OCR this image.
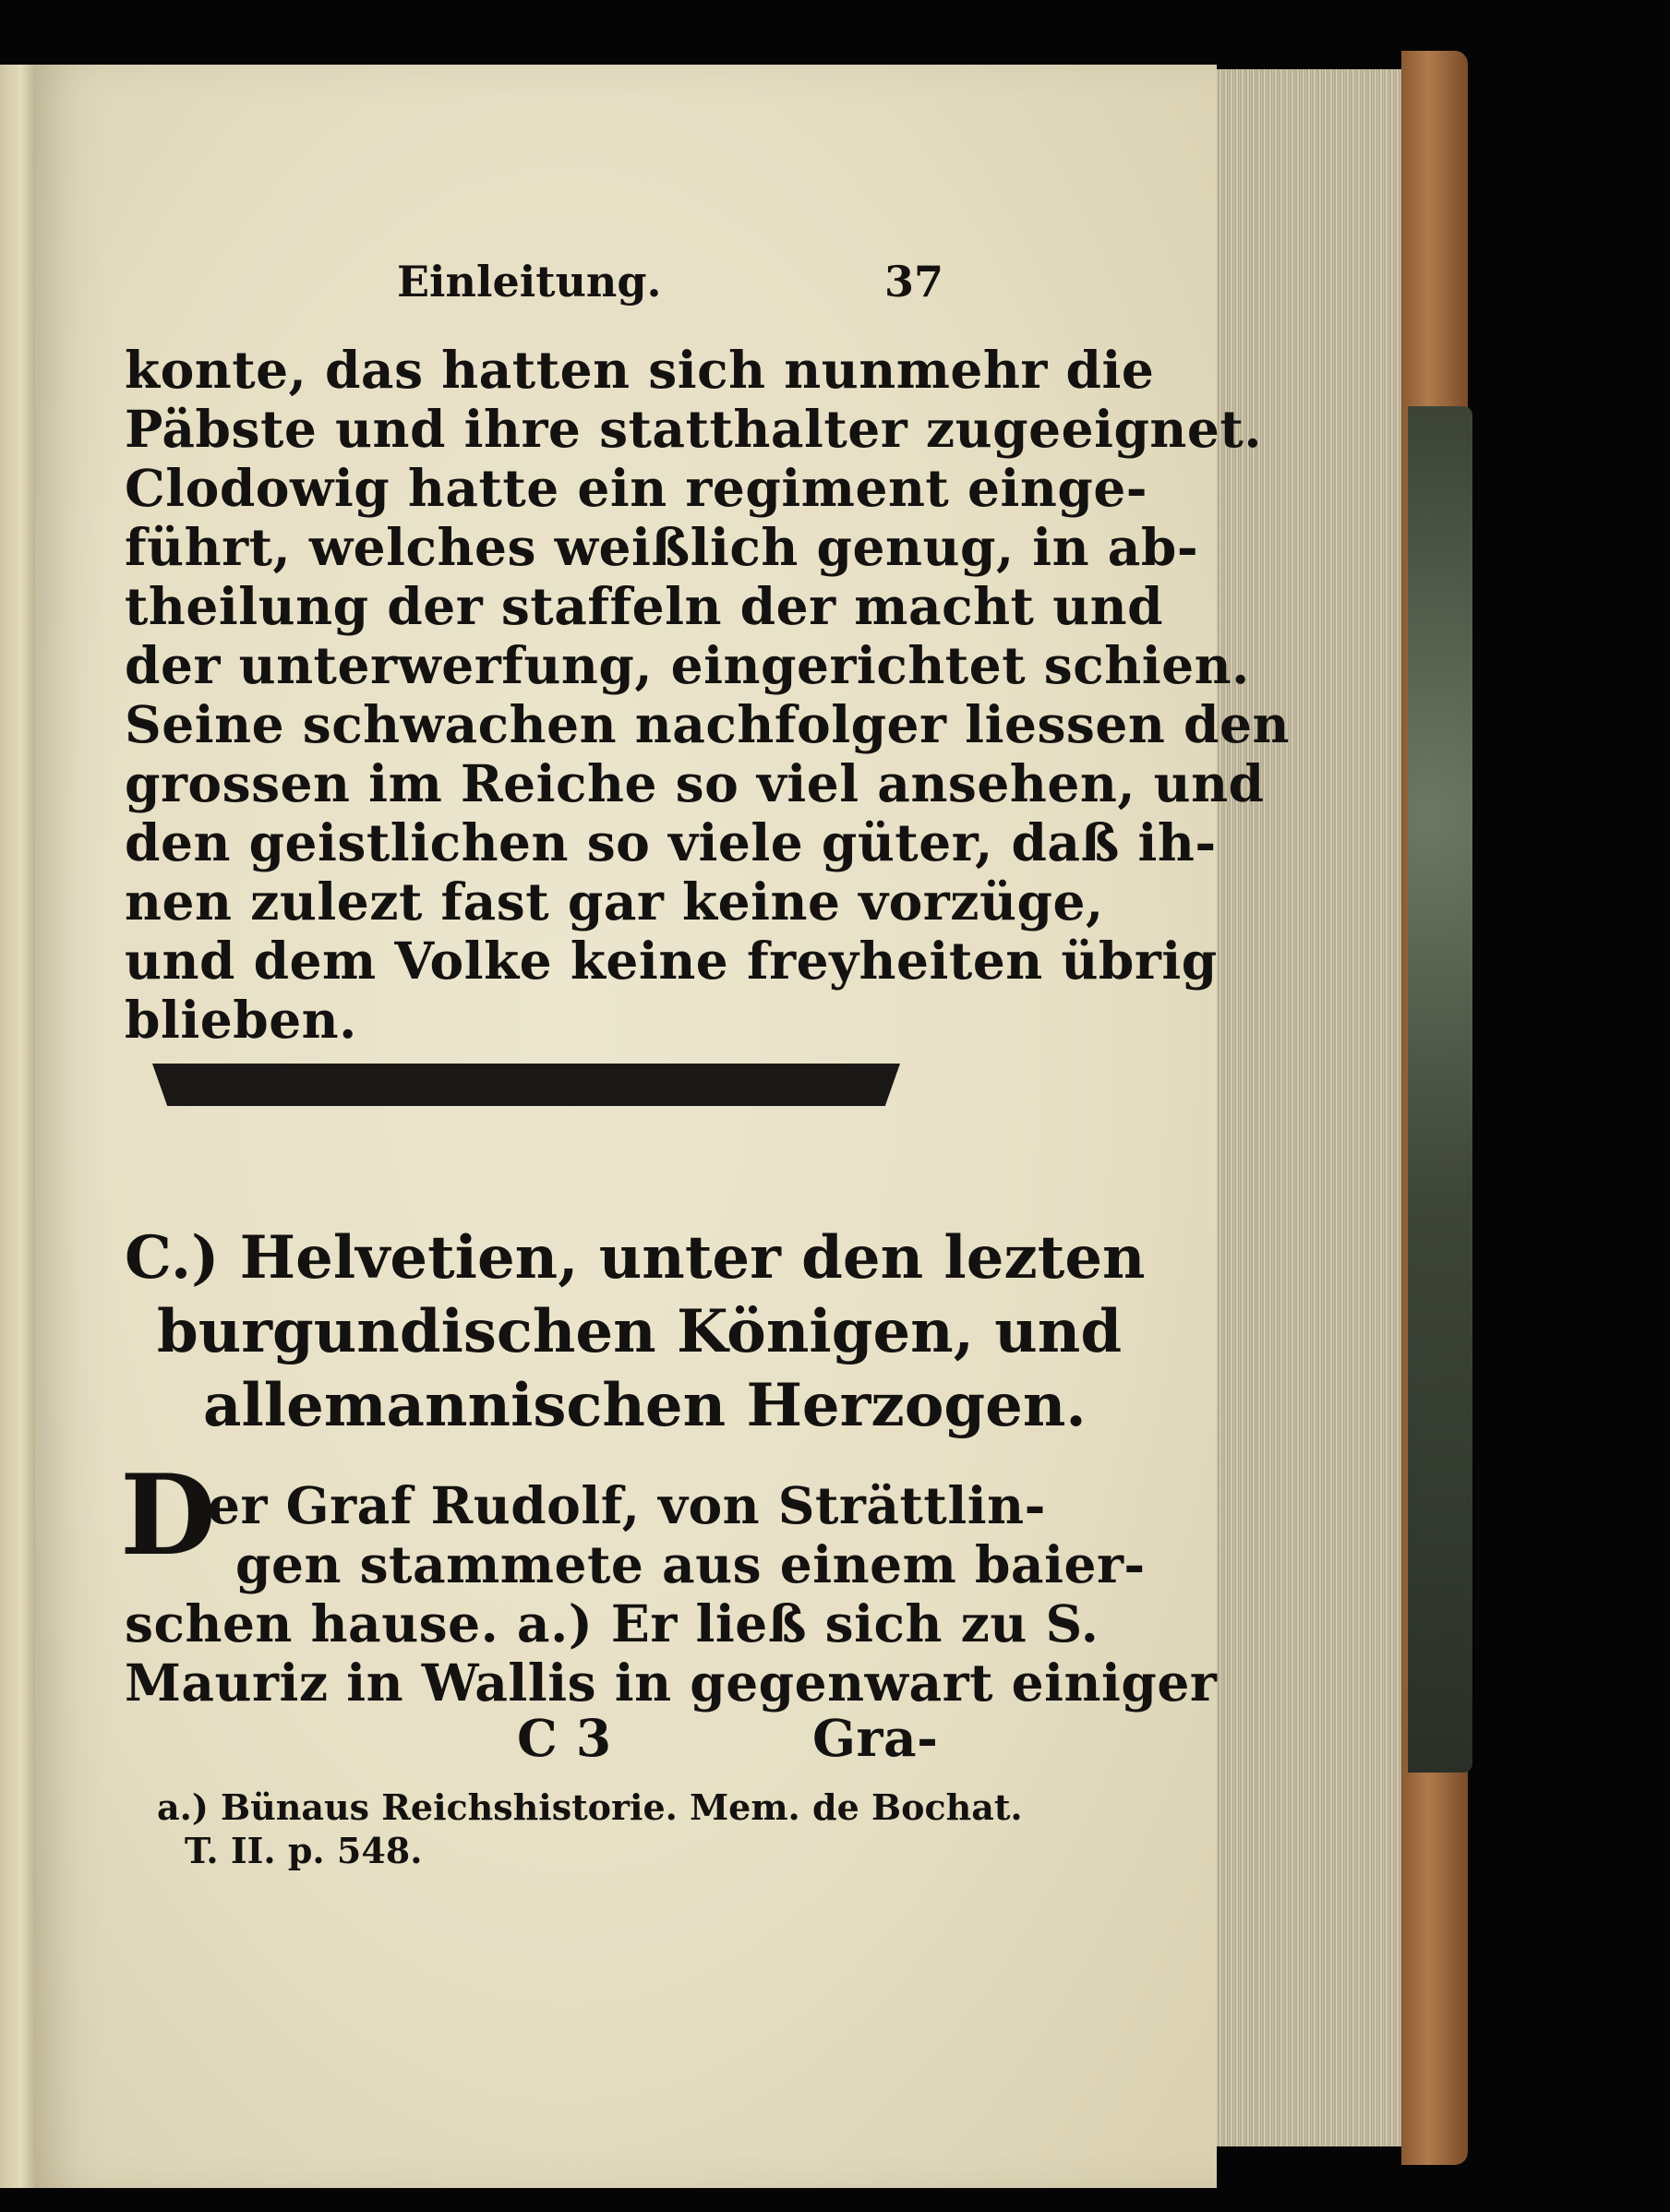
Einleitung.	37
konte, das hatten sich nunmehr die
Päbste und ihre statthalter zugeeignet.
Clodowig hatte ein regiment einge-
führt, welches weißlich genug, in ab-
theilung der staffeln der macht und
der unterwerfung, eingerichtet schien.
Seine schwachen nachfolger liessen den
grossen im Reiche so viel ansehen, und
den geistlichen so viele güter, daß ih-
nen zulezt fast gar keine vorzüge,
und dem Volke keine freyheiten übrig
blieben.
C.) Helvetien, unter den lezten
burgundischen Königen, und
allemannischen Herzogen.
D
er Graf Rudolf, von Strättlin-
gen stammete aus einem baier-
schen hause. a.) Er ließ sich zu S.
Mauriz in Wallis in gegenwart einiger
C 3	Gra-
a.) Bünaus Reichshistorie. Mem. de Bochat.
T. II. p. 548.
